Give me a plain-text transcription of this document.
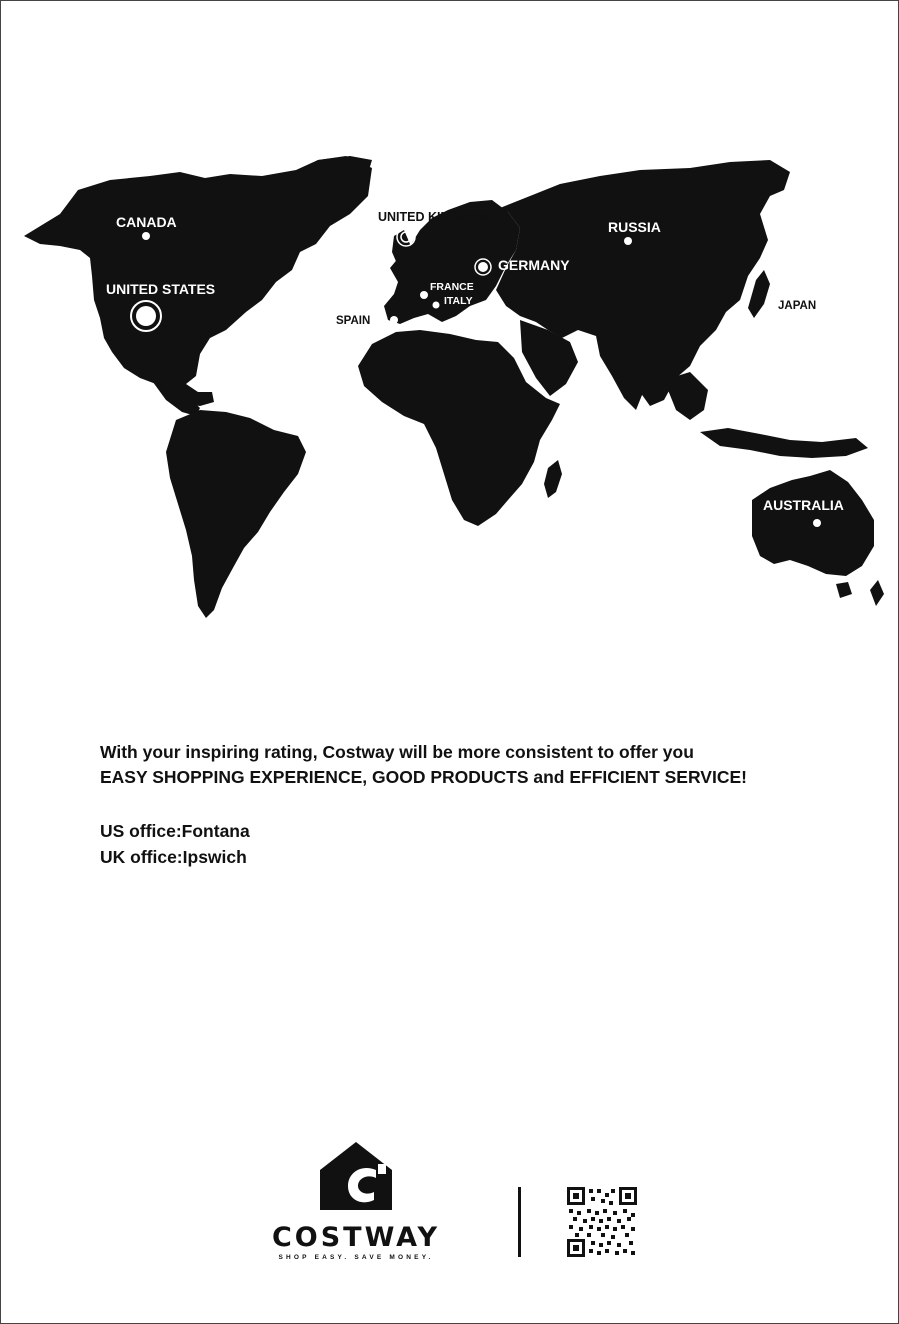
CANADA
UNITED STATES
UNITED KINGDOM
GERMANY
FRANCE
ITALY
SPAIN
RUSSIA
JAPAN
AUSTRALIA
With your inspiring rating, Costway will be more consistent to offer you
EASY SHOPPING EXPERIENCE, GOOD PRODUCTS and EFFICIENT SERVICE!
US office:Fontana
UK office:Ipswich
COSTWAY
SHOP EASY. SAVE MONEY.
